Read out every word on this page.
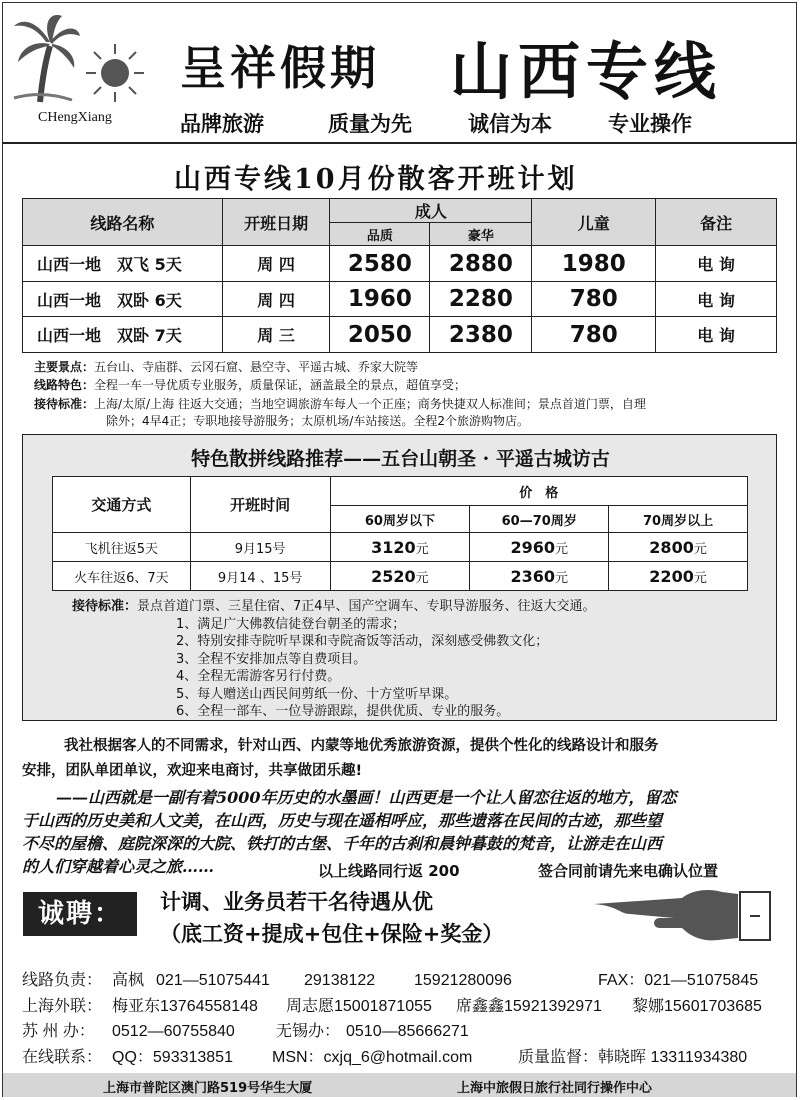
CHengXiang
呈祥假期 山西专线
品牌旅游	质量为先	诚信为本	专业操作
山西专线10月份散客开班计划
线路名称	开班日期	成人		儿童	备注
		品质	豪华		
山西一地　双飞 5天	周 四	2580	2880	1980	电 询
山西一地　双卧 6天	周 四	1960	2280	780	电 询
山西一地　双卧 7天	周 三	2050	2380	780	电 询
主要景点：五台山、寺庙群、云冈石窟、悬空寺、平遥古城、乔家大院等
线路特色：全程一车一导优质专业服务，质量保证，涵盖最全的景点，超值享受；
接待标准：上海/太原/上海 往返大交通；当地空调旅游车每人一个正座；商务快捷双人标准间；景点首道门票，自理
除外；4早4正；专职地接导游服务；太原机场/车站接送。全程2个旅游购物店。
特色散拼线路推荐——五台山朝圣 · 平遥古城访古
交通方式	开班时间	价　格		
		60周岁以下	60—70周岁	70周岁以上
飞机往返5天	9月15号	3120元	2960元	2800元
火车往返6、7天	9月14 、15号	2520元	2360元	2200元
接待标准：景点首道门票、三星住宿、7正4早、国产空调车、专职导游服务、往返大交通。
1、满足广大佛教信徒登台朝圣的需求；
2、特别安排寺院听早课和寺院斋饭等活动，深刻感受佛教文化；
3、全程不安排加点等自费项目。
4、全程无需游客另行付费。
5、每人赠送山西民间剪纸一份、十方堂听早课。
6、全程一部车、一位导游跟踪，提供优质、专业的服务。
我社根据客人的不同需求，针对山西、内蒙等地优秀旅游资源，提供个性化的线路设计和服务
安排，团队单团单议，欢迎来电商讨，共享做团乐趣!
——山西就是一副有着5000年历史的水墨画！山西更是一个让人留恋往返的地方，留恋
于山西的历史美和人文美，在山西，历史与现在遥相呼应，那些遗落在民间的古迹，那些望
不尽的屋檐、庭院深深的大院、铁打的古堡、千年的古刹和晨钟暮鼓的梵音，让游走在山西
的人们穿越着心灵之旅……	以上线路同行返 200	签合同前请先来电确认位置
诚聘：	计调、业务员若干名待遇从优
（底工资+提成+包住+保险+奖金）
线路负责： 高枫 021—51075441 29138122 15921280096	FAX：021—51075845
上海外联： 梅亚东13764558148 周志愿15001871055 席鑫鑫15921392971 黎娜15601703685
苏 州 办： 0512—60755840	无锡办： 0510—85666271
在线联系： QQ：593313851 MSN：cxjq_6@hotmail.com	质量监督：韩晓晖 13311934380
上海市普陀区澳门路519号华生大厦	上海中旅假日旅行社同行操作中心
